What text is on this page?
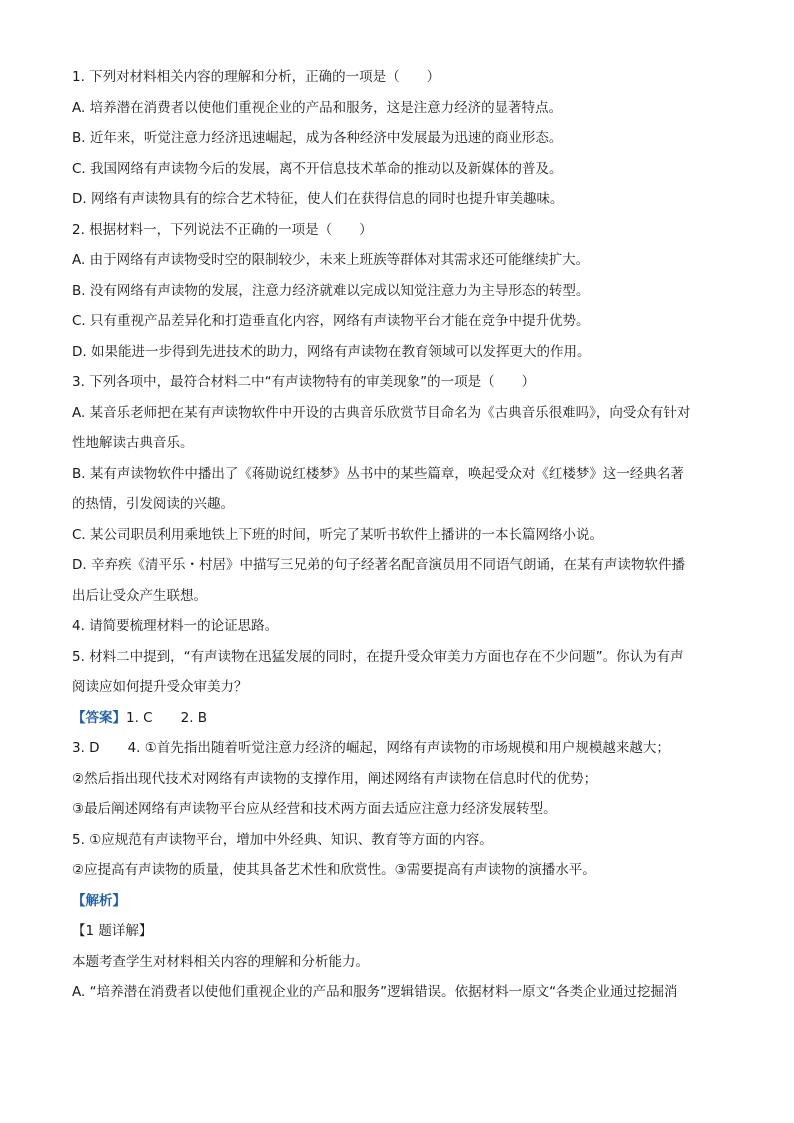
1. 下列对材料相关内容的理解和分析，正确的一项是（　　）
A. 培养潜在消费者以使他们重视企业的产品和服务，这是注意力经济的显著特点。
B. 近年来，听觉注意力经济迅速崛起，成为各种经济中发展最为迅速的商业形态。
C. 我国网络有声读物今后的发展，离不开信息技术革命的推动以及新媒体的普及。
D. 网络有声读物具有的综合艺术特征，使人们在获得信息的同时也提升审美趣味。
2. 根据材料一，下列说法不正确的一项是（　　）
A. 由于网络有声读物受时空的限制较少，未来上班族等群体对其需求还可能继续扩大。
B. 没有网络有声读物的发展，注意力经济就难以完成以知觉注意力为主导形态的转型。
C. 只有重视产品差异化和打造垂直化内容，网络有声读物平台才能在竞争中提升优势。
D. 如果能进一步得到先进技术的助力，网络有声读物在教育领域可以发挥更大的作用。
3. 下列各项中，最符合材料二中“有声读物特有的审美现象”的一项是（　　）
A. 某音乐老师把在某有声读物软件中开设的古典音乐欣赏节目命名为《古典音乐很难吗》，向受众有针对
性地解读古典音乐。
B. 某有声读物软件中播出了《蒋勋说红楼梦》丛书中的某些篇章，唤起受众对《红楼梦》这一经典名著
的热情，引发阅读的兴趣。
C. 某公司职员利用乘地铁上下班的时间，听完了某听书软件上播讲的一本长篇网络小说。
D. 辛弃疾《清平乐・村居》中描写三兄弟的句子经著名配音演员用不同语气朗诵，在某有声读物软件播
出后让受众产生联想。
4. 请简要梳理材料一的论证思路。
5. 材料二中提到，“有声读物在迅猛发展的同时，在提升受众审美力方面也存在不少问题”。你认为有声
阅读应如何提升受众审美力？
【答案】1. C 2. B
3. D 4. ①首先指出随着听觉注意力经济的崛起，网络有声读物的市场规模和用户规模越来越大；
②然后指出现代技术对网络有声读物的支撑作用，阐述网络有声读物在信息时代的优势；
③最后阐述网络有声读物平台应从经营和技术两方面去适应注意力经济发展转型。
5. ①应规范有声读物平台，增加中外经典、知识、教育等方面的内容。
②应提高有声读物的质量，使其具备艺术性和欣赏性。③需要提高有声读物的演播水平。
【解析】
【1 题详解】
本题考查学生对材料相关内容的理解和分析能力。
A. “培养潜在消费者以使他们重视企业的产品和服务”逻辑错误。依据材料一原文“各类企业通过挖掘消
